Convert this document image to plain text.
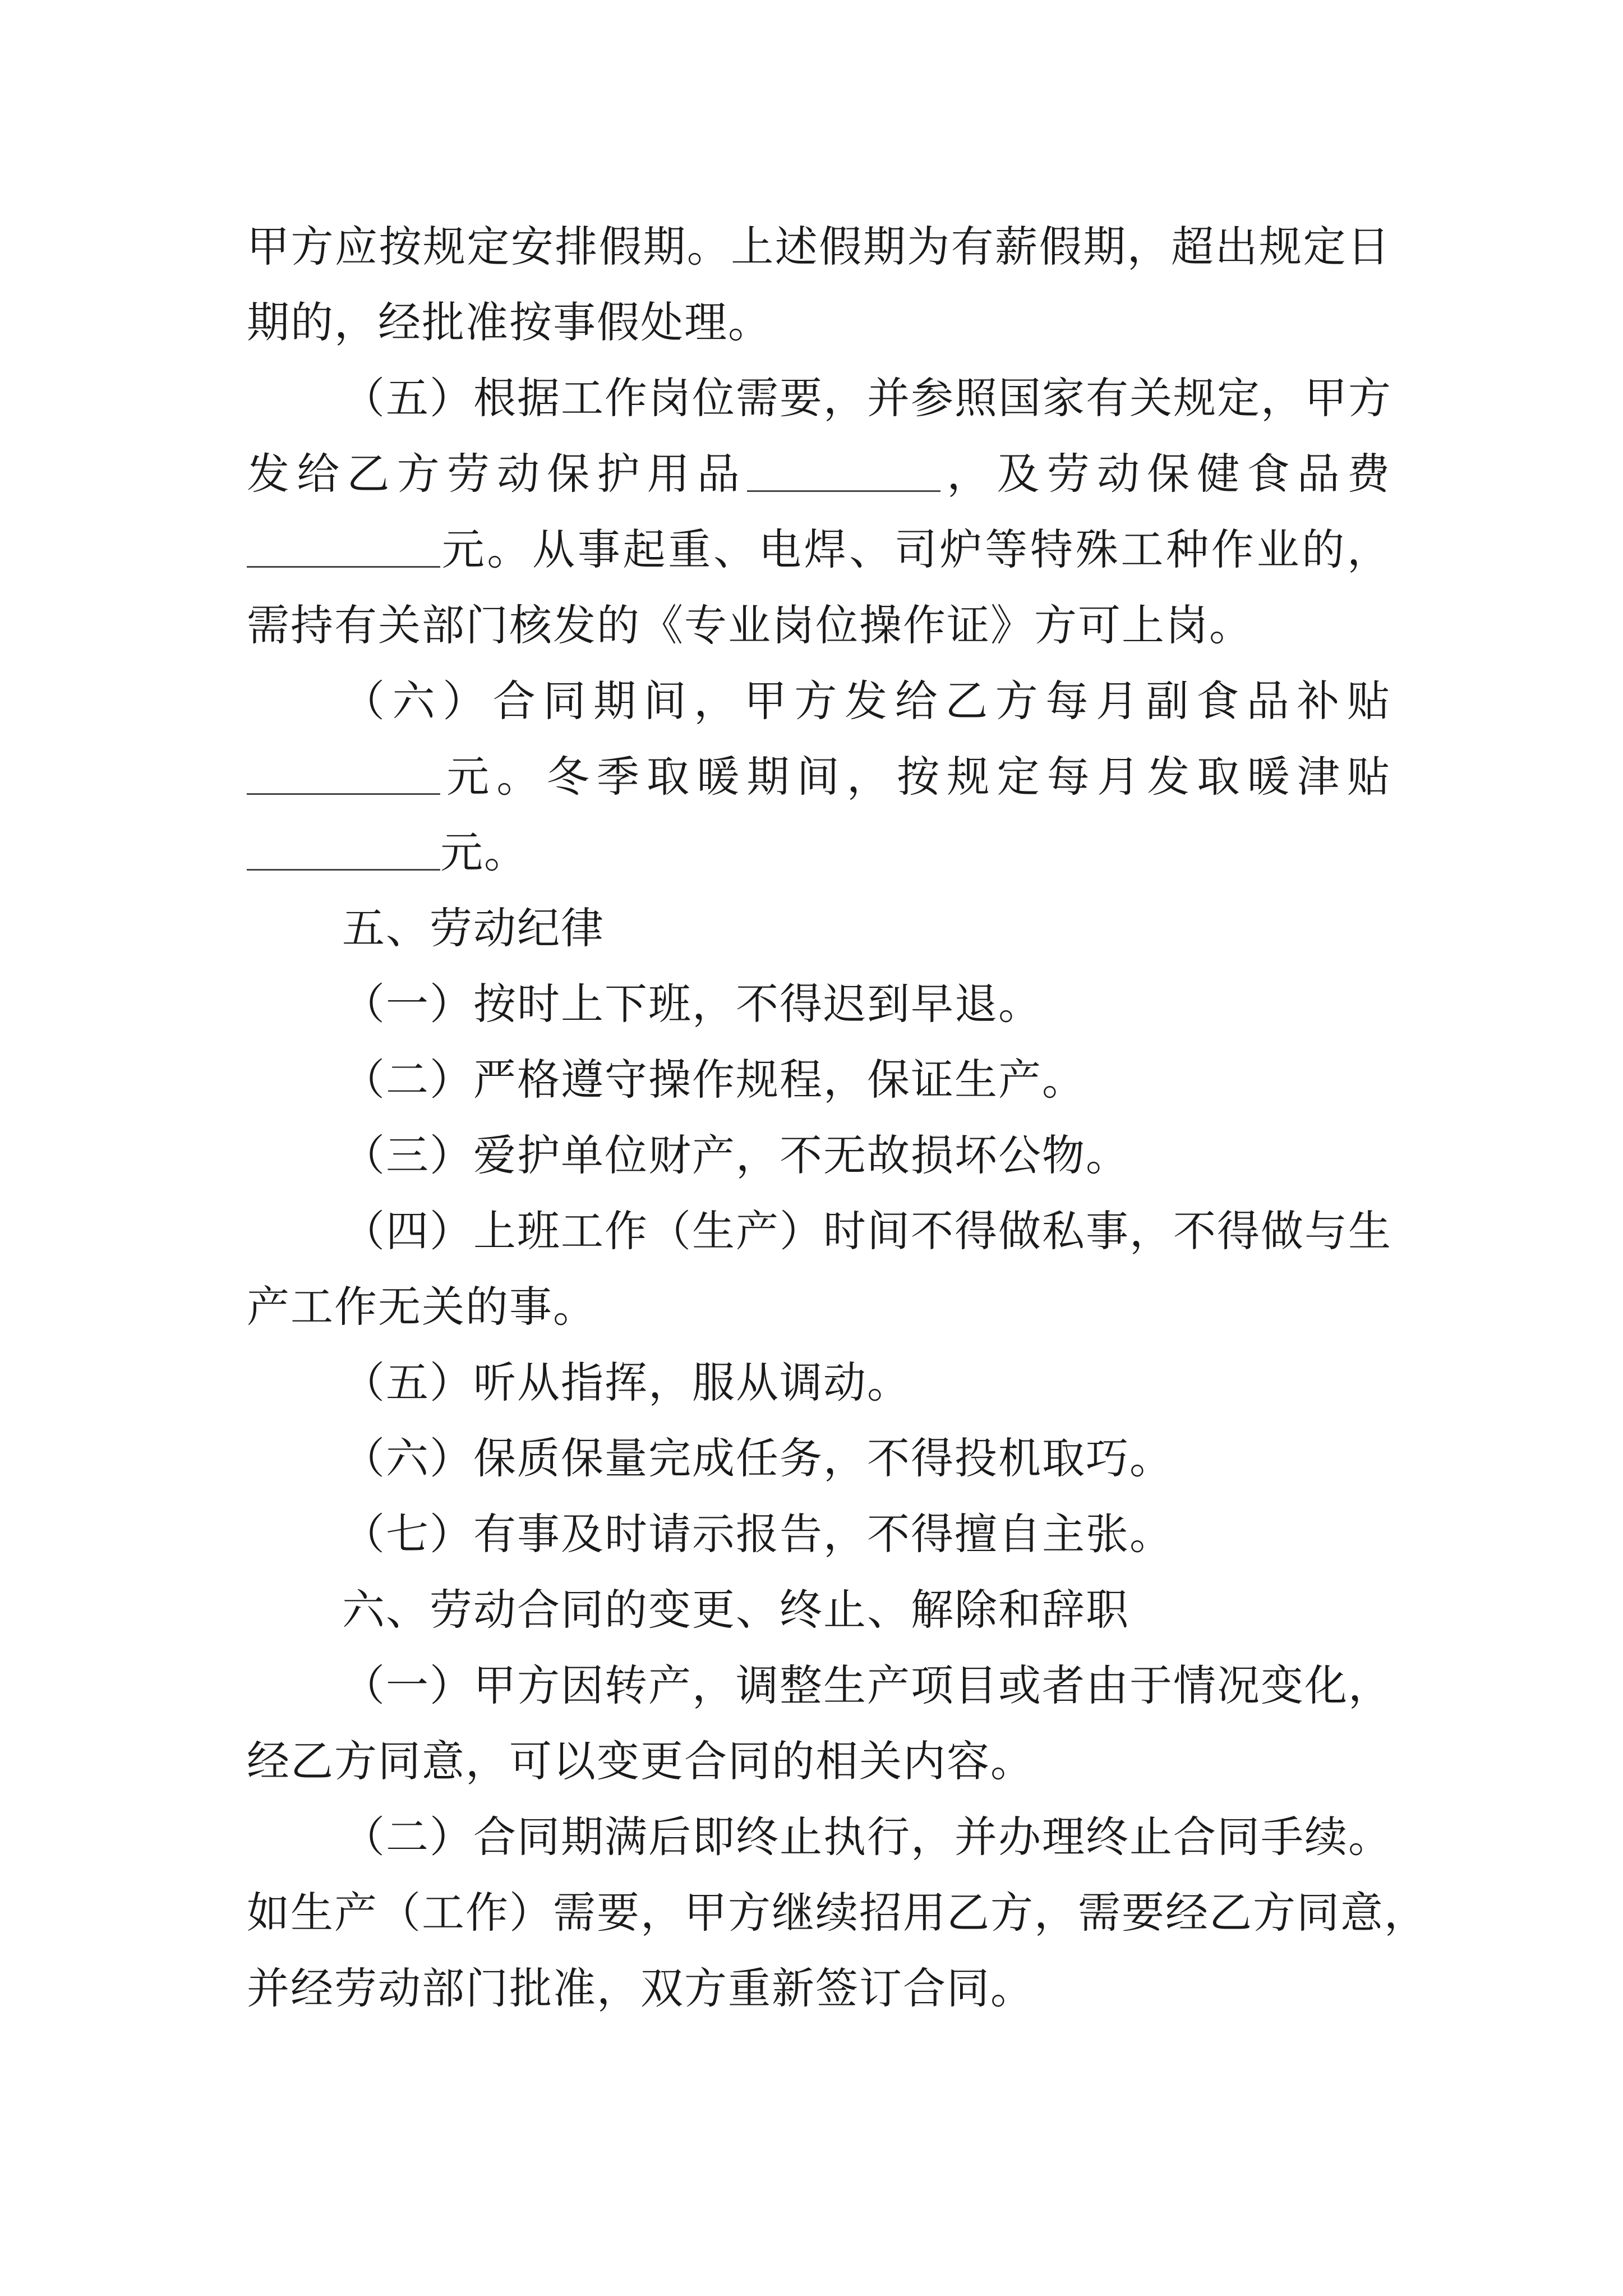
甲方应按规定安排假期。上述假期为有薪假期，超出规定日
期的，经批准按事假处理。
（五）根据工作岗位需要，并参照国家有关规定，甲方
发给乙方劳动保护用品	，及劳动保健食品费
元。从事起重、电焊、司炉等特殊工种作业的，
需持有关部门核发的《专业岗位操作证》方可上岗。
（六）合同期间，甲方发给乙方每月副食品补贴
元。冬季取暖期间，按规定每月发取暖津贴
元。
五、劳动纪律
（一）按时上下班，不得迟到早退。
（二）严格遵守操作规程，保证生产。
（三）爱护单位财产，不无故损坏公物。
（四）上班工作（生产）时间不得做私事，不得做与生
产工作无关的事。
（五）听从指挥，服从调动。
（六）保质保量完成任务，不得投机取巧。
（七）有事及时请示报告，不得擅自主张。
六、劳动合同的变更、终止、解除和辞职
（一）甲方因转产，调整生产项目或者由于情况变化，
经乙方同意，可以变更合同的相关内容。
（二）合同期满后即终止执行，并办理终止合同手续。
如生产（工作）需要，甲方继续招用乙方，需要经乙方同意，
并经劳动部门批准，双方重新签订合同。
